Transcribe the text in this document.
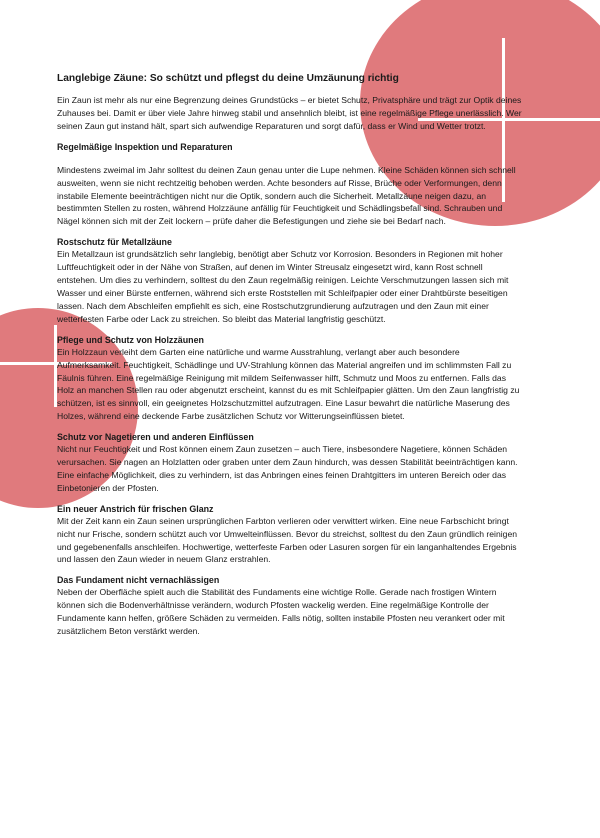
Langlebige Zäune: So schützt und pflegst du deine Umzäunung richtig

Ein Zaun ist mehr als nur eine Begrenzung deines Grundstücks – er bietet Schutz, Privatsphäre und trägt zur Optik deines Zuhauses bei. Damit er über viele Jahre hinweg stabil und ansehnlich bleibt, ist eine regelmäßige Pflege unerlässlich. Wer seinen Zaun gut instand hält, spart sich aufwendige Reparaturen und sorgt dafür, dass er Wind und Wetter trotzt.

Regelmäßige Inspektion und Reparaturen

Mindestens zweimal im Jahr solltest du deinen Zaun genau unter die Lupe nehmen. Kleine Schäden können sich schnell ausweiten, wenn sie nicht rechtzeitig behoben werden. Achte besonders auf Risse, Brüche oder Verformungen, denn instabile Elemente beeinträchtigen nicht nur die Optik, sondern auch die Sicherheit. Metallzäune neigen dazu, an bestimmten Stellen zu rosten, während Holzzäune anfällig für Feuchtigkeit und Schädlingsbefall sind. Schrauben und Nägel können sich mit der Zeit lockern – prüfe daher die Befestigungen und ziehe sie bei Bedarf nach.

Rostschutz für Metallzäune

Ein Metallzaun ist grundsätzlich sehr langlebig, benötigt aber Schutz vor Korrosion. Besonders in Regionen mit hoher Luftfeuchtigkeit oder in der Nähe von Straßen, auf denen im Winter Streusalz eingesetzt wird, kann Rost schnell entstehen. Um dies zu verhindern, solltest du den Zaun regelmäßig reinigen. Leichte Verschmutzungen lassen sich mit Wasser und einer Bürste entfernen, während sich erste Roststellen mit Schleifpapier oder einer Drahtbürste beseitigen lassen. Nach dem Abschleifen empfiehlt es sich, eine Rostschutzgrundierung aufzutragen und den Zaun mit einer wetterfesten Farbe oder Lack zu streichen. So bleibt das Material langfristig geschützt.

Pflege und Schutz von Holzzäunen

Ein Holzzaun verleiht dem Garten eine natürliche und warme Ausstrahlung, verlangt aber auch besondere Aufmerksamkeit. Feuchtigkeit, Schädlinge und UV-Strahlung können das Material angreifen und im schlimmsten Fall zu Fäulnis führen. Eine regelmäßige Reinigung mit mildem Seifenwasser hilft, Schmutz und Moos zu entfernen. Falls das Holz an manchen Stellen rau oder abgenutzt erscheint, kannst du es mit Schleifpapier glätten. Um den Zaun langfristig zu schützen, ist es sinnvoll, ein geeignetes Holzschutzmittel aufzutragen. Eine Lasur bewahrt die natürliche Maserung des Holzes, während eine deckende Farbe zusätzlichen Schutz vor Witterungseinflüssen bietet.

Schutz vor Nagetieren und anderen Einflüssen

Nicht nur Feuchtigkeit und Rost können einem Zaun zusetzen – auch Tiere, insbesondere Nagetiere, können Schäden verursachen. Sie nagen an Holzlatten oder graben unter dem Zaun hindurch, was dessen Stabilität beeinträchtigen kann. Eine einfache Möglichkeit, dies zu verhindern, ist das Anbringen eines feinen Drahtgitters im unteren Bereich oder das Einbetonieren der Pfosten.

Ein neuer Anstrich für frischen Glanz

Mit der Zeit kann ein Zaun seinen ursprünglichen Farbton verlieren oder verwittert wirken. Eine neue Farbschicht bringt nicht nur Frische, sondern schützt auch vor Umwelteinflüssen. Bevor du streichst, solltest du den Zaun gründlich reinigen und gegebenenfalls anschleifen. Hochwertige, wetterfeste Farben oder Lasuren sorgen für ein langanhaltendes Ergebnis und lassen den Zaun wieder in neuem Glanz erstrahlen.

Das Fundament nicht vernachlässigen

Neben der Oberfläche spielt auch die Stabilität des Fundaments eine wichtige Rolle. Gerade nach frostigen Wintern können sich die Bodenverhältnisse verändern, wodurch Pfosten wackelig werden. Eine regelmäßige Kontrolle der Fundamente kann helfen, größere Schäden zu vermeiden. Falls nötig, sollten instabile Pfosten neu verankert oder mit zusätzlichem Beton verstärkt werden.
